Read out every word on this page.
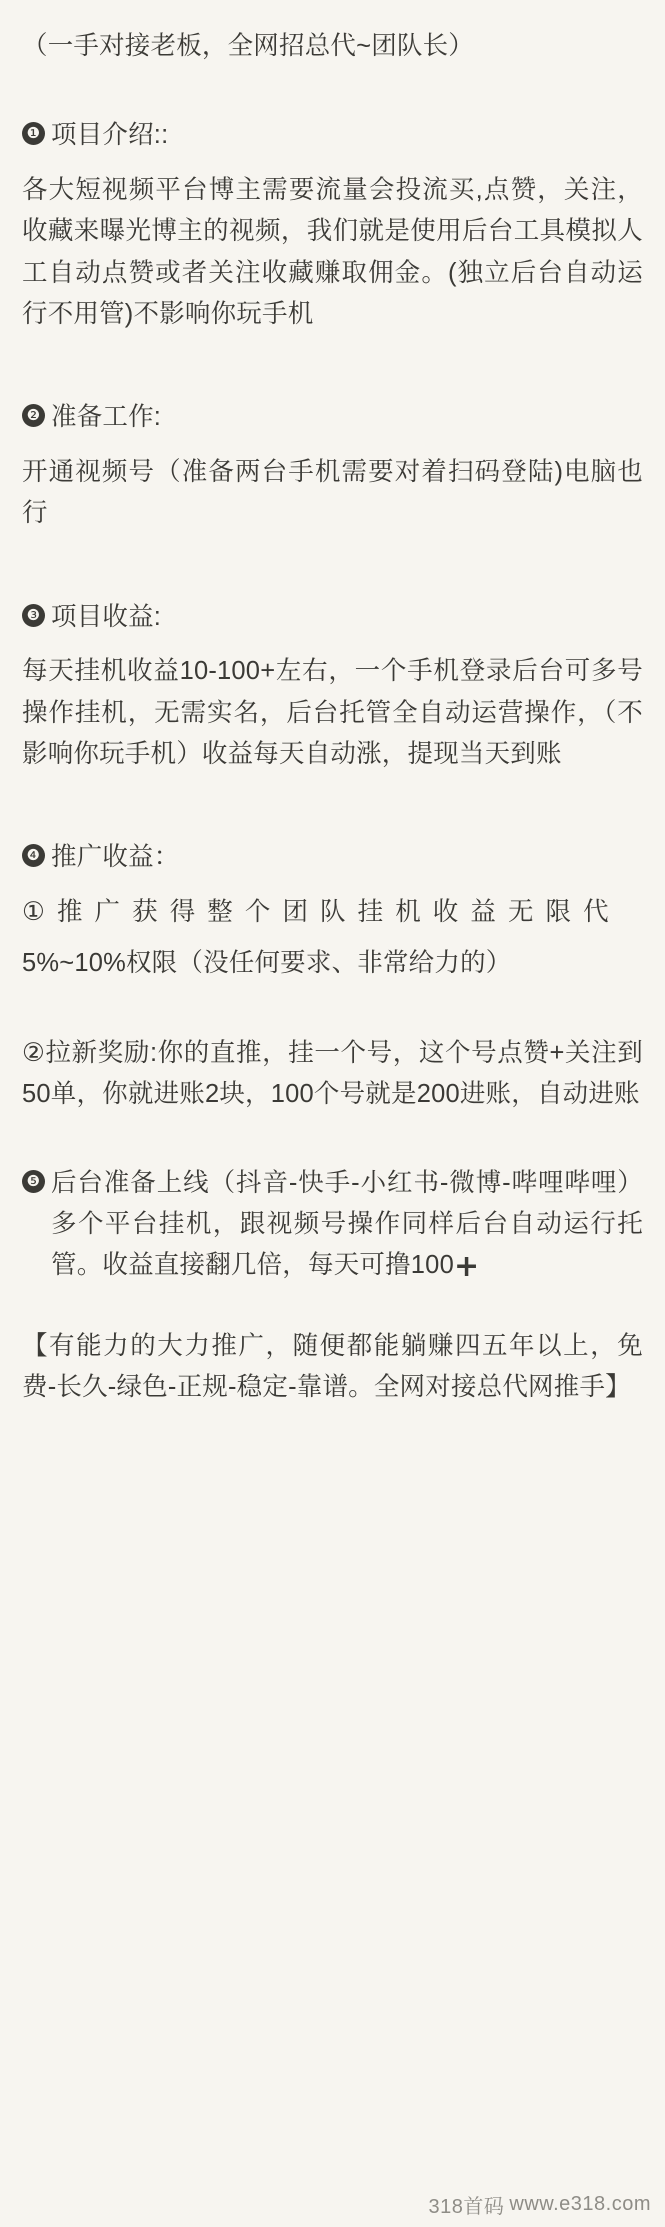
（一手对接老板，全网招总代~团队长）

❶ 项目介绍::

各大短视频平台博主需要流量会投流买,点赞，关注，收藏来曝光博主的视频，我们就是使用后台工具模拟人工自动点赞或者关注收藏赚取佣金。(独立后台自动运行不用管)不影响你玩手机

❷ 准备工作:

开通视频号（准备两台手机需要对着扫码登陆)电脑也行

❸ 项目收益:

每天挂机收益10-100+左右，一个手机登录后台可多号操作挂机，无需实名，后台托管全自动运营操作，（不影响你玩手机）收益每天自动涨，提现当天到账

❹ 推广收益：

① 推 广 获 得 整 个 团 队 挂 机 收 益 无 限 代

5%~10%权限（没任何要求、非常给力的）

②拉新奖励:你的直推，挂一个号，这个号点赞+关注到50单，你就进账2块，100个号就是200进账，自动进账

❺ 后台准备上线（抖音-快手-小红书-微博-哔哩哔哩）多个平台挂机，跟视频号操作同样后台自动运行托管。收益直接翻几倍，每天可撸100+

【有能力的大力推广，随便都能躺赚四五年以上，免费-长久-绿色-正规-稳定-靠谱。全网对接总代网推手】

318首码 www.e318.com
